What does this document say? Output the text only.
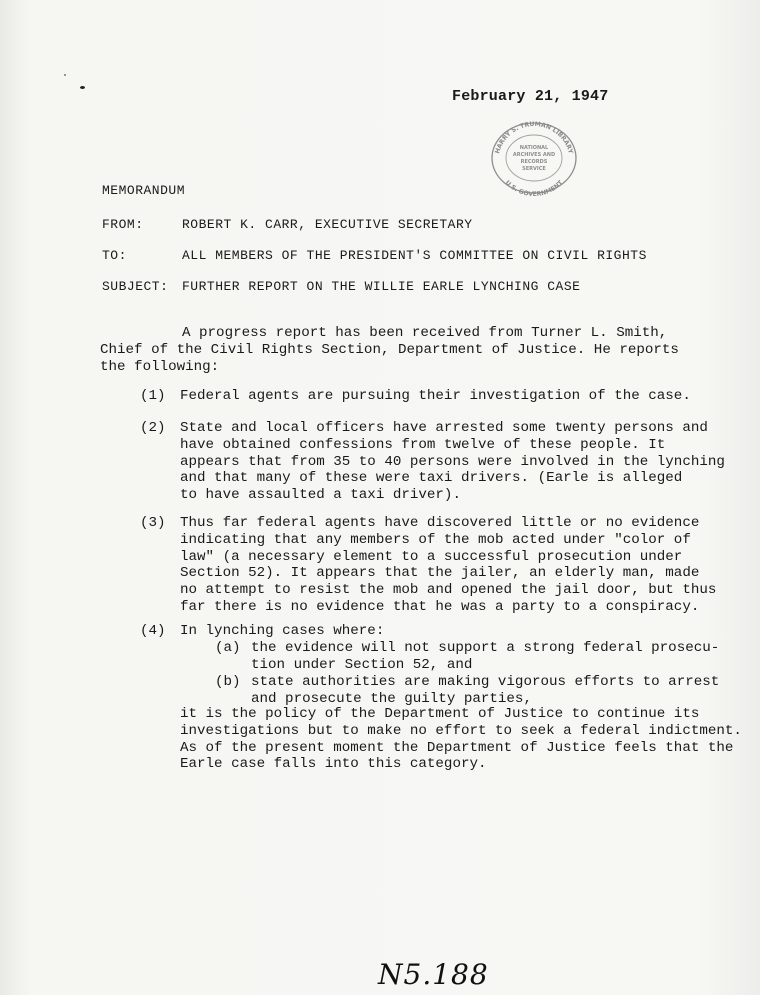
February 21, 1947
HARRY S. TRUMAN LIBRARY
U.S. GOVERNMENT
NATIONAL
ARCHIVES AND
RECORDS
SERVICE
MEMORANDUM
FROM:	ROBERT K. CARR, EXECUTIVE SECRETARY
TO:	ALL MEMBERS OF THE PRESIDENT'S COMMITTEE ON CIVIL RIGHTS
SUBJECT: FURTHER REPORT ON THE WILLIE EARLE LYNCHING CASE
A progress report has been received from Turner L. Smith,
Chief of the Civil Rights Section, Department of Justice. He reports
the following:
(1) Federal agents are pursuing their investigation of the case.
(2) State and local officers have arrested some twenty persons and
have obtained confessions from twelve of these people. It
appears that from 35 to 40 persons were involved in the lynching
and that many of these were taxi drivers. (Earle is alleged
to have assaulted a taxi driver).
(3) Thus far federal agents have discovered little or no evidence
indicating that any members of the mob acted under "color of
law" (a necessary element to a successful prosecution under
Section 52). It appears that the jailer, an elderly man, made
no attempt to resist the mob and opened the jail door, but thus
far there is no evidence that he was a party to a conspiracy.
(4) In lynching cases where:
(a) the evidence will not support a strong federal prosecu-
tion under Section 52, and
(b) state authorities are making vigorous efforts to arrest
and prosecute the guilty parties,
it is the policy of the Department of Justice to continue its
investigations but to make no effort to seek a federal indictment.
As of the present moment the Department of Justice feels that the
Earle case falls into this category.
N5.188
